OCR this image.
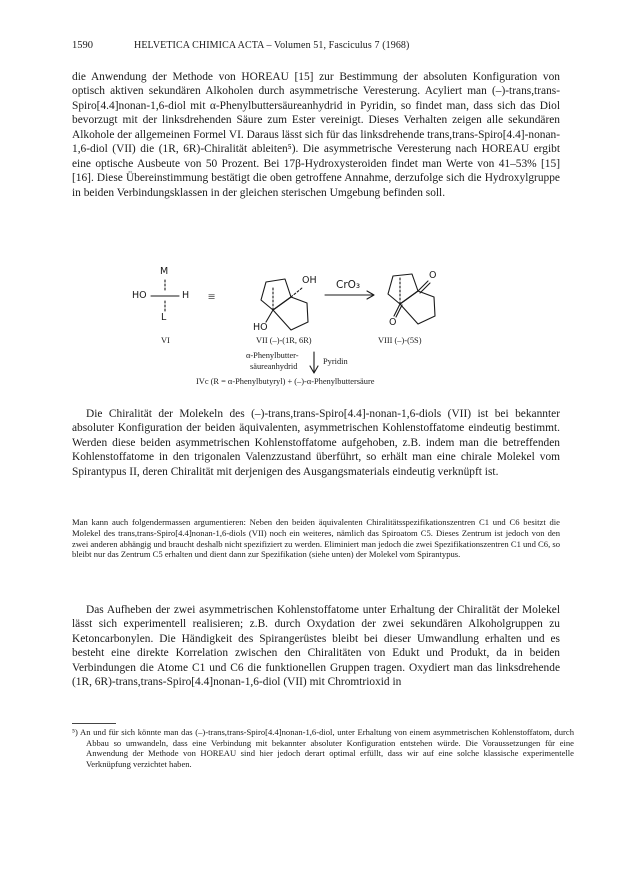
1590	HELVETICA CHIMICA ACTA – Volumen 51, Fasciculus 7 (1968)
die Anwendung der Methode von HOREAU [15] zur Bestimmung der absoluten Konfiguration von optisch aktiven sekundären Alkoholen durch asymmetrische Veresterung. Acyliert man (–)-trans,trans-Spiro[4.4]nonan-1,6-diol mit α-Phenylbuttersäureanhydrid in Pyridin, so findet man, dass sich das Diol bevorzugt mit der linksdrehenden Säure zum Ester vereinigt. Dieses Verhalten zeigen alle sekundären Alkohole der allgemeinen Formel VI. Daraus lässt sich für das linksdrehende trans,trans-Spiro[4.4]-nonan-1,6-diol (VII) die (1R, 6R)-Chiralität ableiten⁵). Die asymmetrische Veresterung nach HOREAU ergibt eine optische Ausbeute von 50 Prozent. Bei 17β-Hydroxysteroiden findet man Werte von 41–53% [15] [16]. Diese Übereinstimmung bestätigt die oben getroffene Annahme, derzufolge sich die Hydroxylgruppe in beiden Verbindungsklassen in der gleichen sterischen Umgebung befinden soll.
M
HO	H
L
≡
OH
HO
CrO₃
O
O
VI	VII (–)-(1R, 6R)	VIII (–)-(5S)
α-Phenylbutter-
säureanhydrid
Pyridin
IVc (R = α-Phenylbutyryl) + (–)-α-Phenylbuttersäure
Die Chiralität der Molekeln des (–)-trans,trans-Spiro[4.4]-nonan-1,6-diols (VII) ist bei bekannter absoluter Konfiguration der beiden äquivalenten, asymmetrischen Kohlenstoffatome eindeutig bestimmt. Werden diese beiden asymmetrischen Kohlenstoffatome aufgehoben, z.B. indem man die betreffenden Kohlenstoffatome in den trigonalen Valenzzustand überführt, so erhält man eine chirale Molekel vom Spirantypus II, deren Chiralität mit derjenigen des Ausgangsmaterials eindeutig verknüpft ist.
Man kann auch folgendermassen argumentieren: Neben den beiden äquivalenten Chiralitätsspezifikationszentren C1 und C6 besitzt die Molekel des trans,trans-Spiro[4.4]nonan-1,6-diols (VII) noch ein weiteres, nämlich das Spiroatom C5. Dieses Zentrum ist jedoch von den zwei anderen abhängig und braucht deshalb nicht spezifiziert zu werden. Eliminiert man jedoch die zwei Spezifikationszentren C1 und C6, so bleibt nur das Zentrum C5 erhalten und dient dann zur Spezifikation (siehe unten) der Molekel vom Spirantypus.
Das Aufheben der zwei asymmetrischen Kohlenstoffatome unter Erhaltung der Chiralität der Molekel lässt sich experimentell realisieren; z.B. durch Oxydation der zwei sekundären Alkoholgruppen zu Ketoncarbonylen. Die Händigkeit des Spirangerüstes bleibt bei dieser Umwandlung erhalten und es besteht eine direkte Korrelation zwischen den Chiralitäten von Edukt und Produkt, da in beiden Verbindungen die Atome C1 und C6 die funktionellen Gruppen tragen. Oxydiert man das linksdrehende (1R, 6R)-trans,trans-Spiro[4.4]nonan-1,6-diol (VII) mit Chromtrioxid in
⁵) An und für sich könnte man das (–)-trans,trans-Spiro[4.4]nonan-1,6-diol, unter Erhaltung von einem asymmetrischen Kohlenstoffatom, durch Abbau so umwandeln, dass eine Verbindung mit bekannter absoluter Konfiguration entstehen würde. Die Voraussetzungen für eine Anwendung der Methode von HOREAU sind hier jedoch derart optimal erfüllt, dass wir auf eine solche klassische experimentelle Verknüpfung verzichtet haben.
